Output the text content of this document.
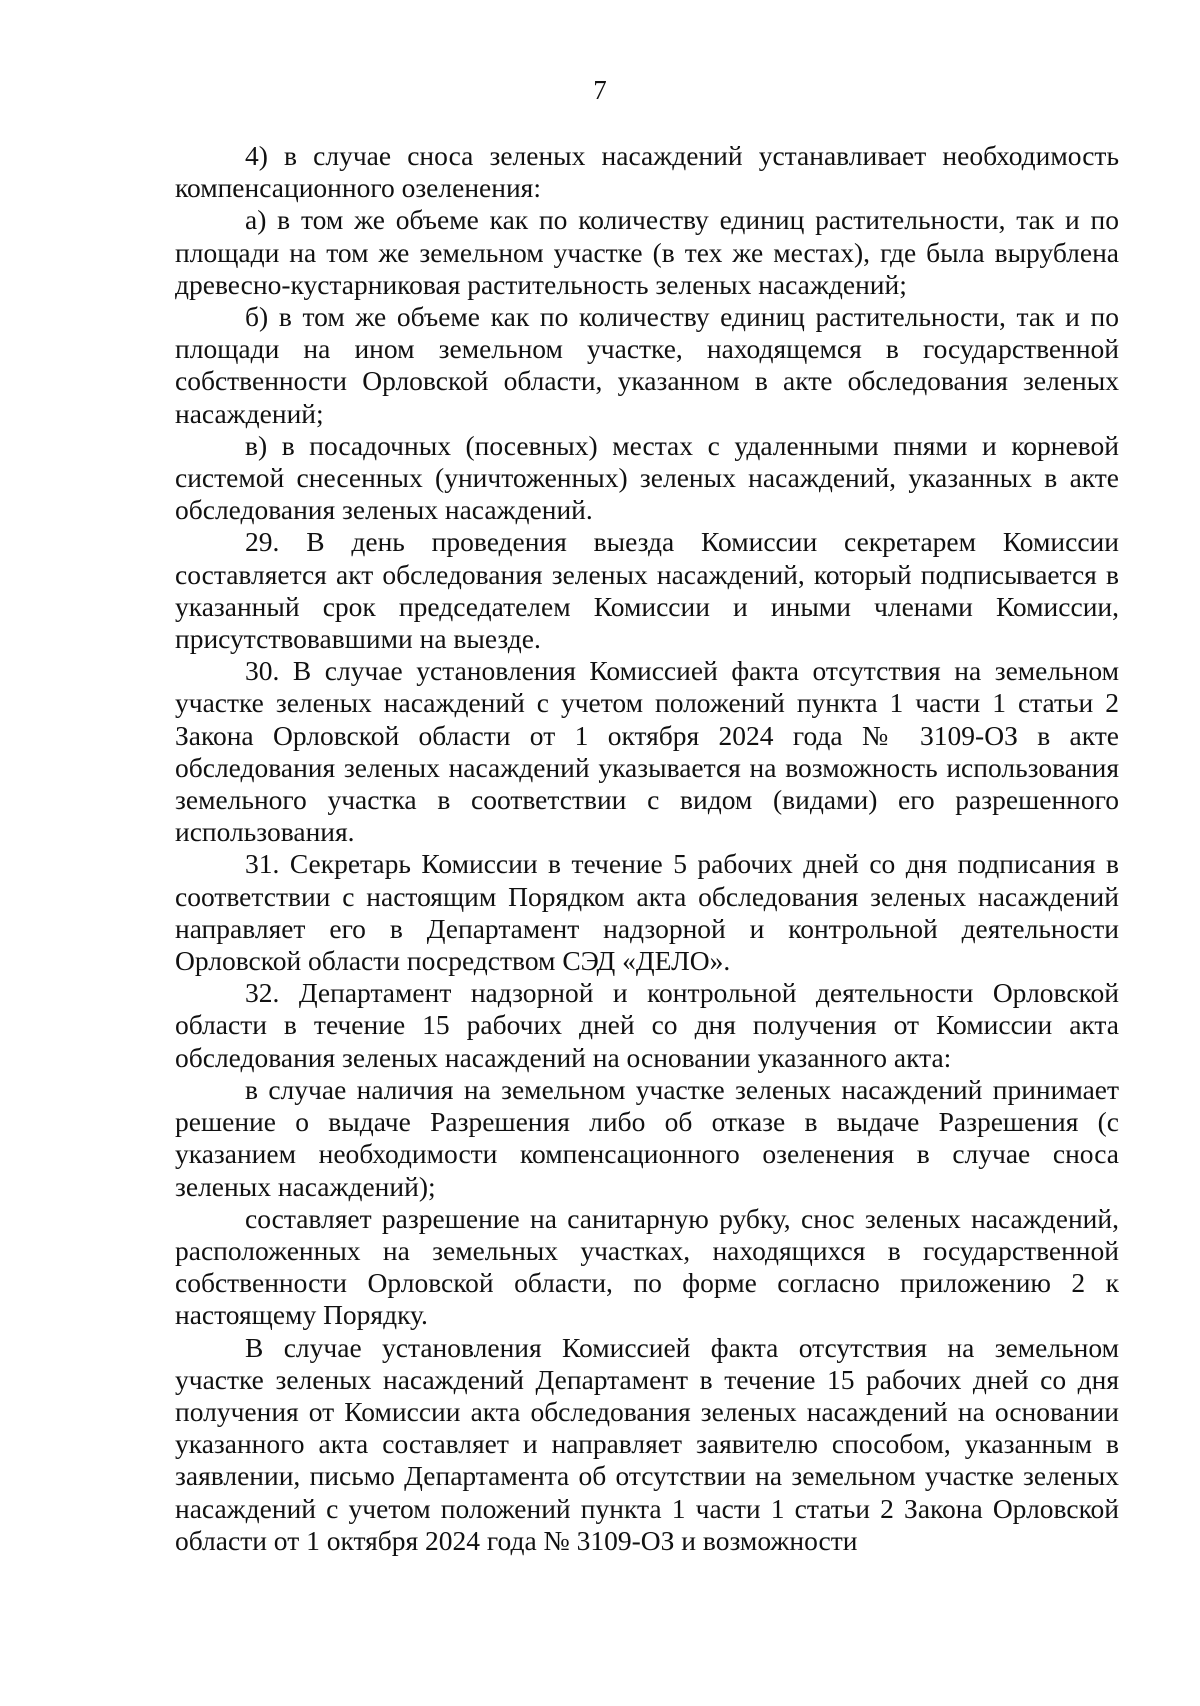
7

4) в случае сноса зеленых насаждений устанавливает необходимость компенсационного озеленения:

а) в том же объеме как по количеству единиц растительности, так и по площади на том же земельном участке (в тех же местах), где была вырублена древесно-кустарниковая растительность зеленых насаждений;

б) в том же объеме как по количеству единиц растительности, так и по площади на ином земельном участке, находящемся в государственной собственности Орловской области, указанном в акте обследования зеленых насаждений;

в) в посадочных (посевных) местах с удаленными пнями и корневой системой снесенных (уничтоженных) зеленых насаждений, указанных в акте обследования зеленых насаждений.

29. В день проведения выезда Комиссии секретарем Комиссии составляется акт обследования зеленых насаждений, который подписывается в указанный срок председателем Комиссии и иными членами Комиссии, присутствовавшими на выезде.

30. В случае установления Комиссией факта отсутствия на земельном участке зеленых насаждений с учетом положений пункта 1 части 1 статьи 2 Закона Орловской области от 1 октября 2024 года № 3109-ОЗ в акте обследования зеленых насаждений указывается на возможность использования земельного участка в соответствии с видом (видами) его разрешенного использования.

31. Секретарь Комиссии в течение 5 рабочих дней со дня подписания в соответствии с настоящим Порядком акта обследования зеленых насаждений направляет его в Департамент надзорной и контрольной деятельности Орловской области посредством СЭД «ДЕЛО».

32. Департамент надзорной и контрольной деятельности Орловской области в течение 15 рабочих дней со дня получения от Комиссии акта обследования зеленых насаждений на основании указанного акта:

в случае наличия на земельном участке зеленых насаждений принимает решение о выдаче Разрешения либо об отказе в выдаче Разрешения (с указанием необходимости компенсационного озеленения в случае сноса зеленых насаждений);

составляет разрешение на санитарную рубку, снос зеленых насаждений, расположенных на земельных участках, находящихся в государственной собственности Орловской области, по форме согласно приложению 2 к настоящему Порядку.

В случае установления Комиссией факта отсутствия на земельном участке зеленых насаждений Департамент в течение 15 рабочих дней со дня получения от Комиссии акта обследования зеленых насаждений на основании указанного акта составляет и направляет заявителю способом, указанным в заявлении, письмо Департамента об отсутствии на земельном участке зеленых насаждений с учетом положений пункта 1 части 1 статьи 2 Закона Орловской области от 1 октября 2024 года № 3109-ОЗ и возможности
